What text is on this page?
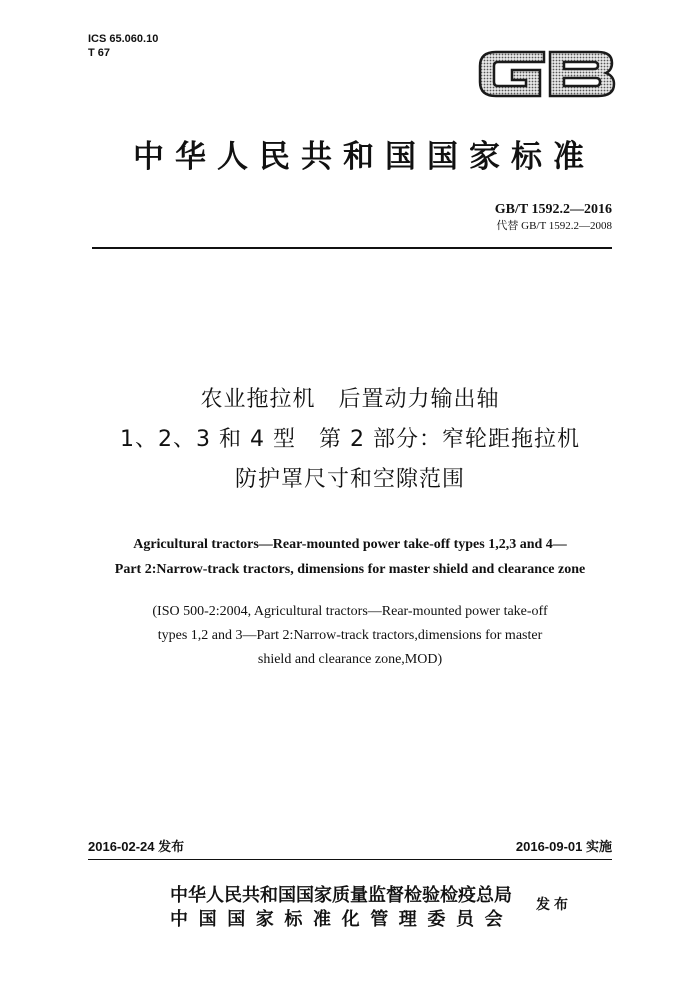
ICS 65.060.10
T 67
中华人民共和国国家标准
GB/T 1592.2—2016
代替 GB/T 1592.2—2008
农业拖拉机　后置动力输出轴
1、2、3 和 4 型　第 2 部分：窄轮距拖拉机
防护罩尺寸和空隙范围
Agricultural tractors—Rear-mounted power take-off types 1,2,3 and 4—
Part 2:Narrow-track tractors, dimensions for master shield and clearance zone
(ISO 500-2:2004, Agricultural tractors—Rear-mounted power take-off
types 1,2 and 3—Part 2:Narrow-track tractors,dimensions for master
shield and clearance zone,MOD)
2016-02-24 发布	2016-09-01 实施
中华人民共和国国家质量监督检验检疫总局
中国国家标准化管理委员会
发布
